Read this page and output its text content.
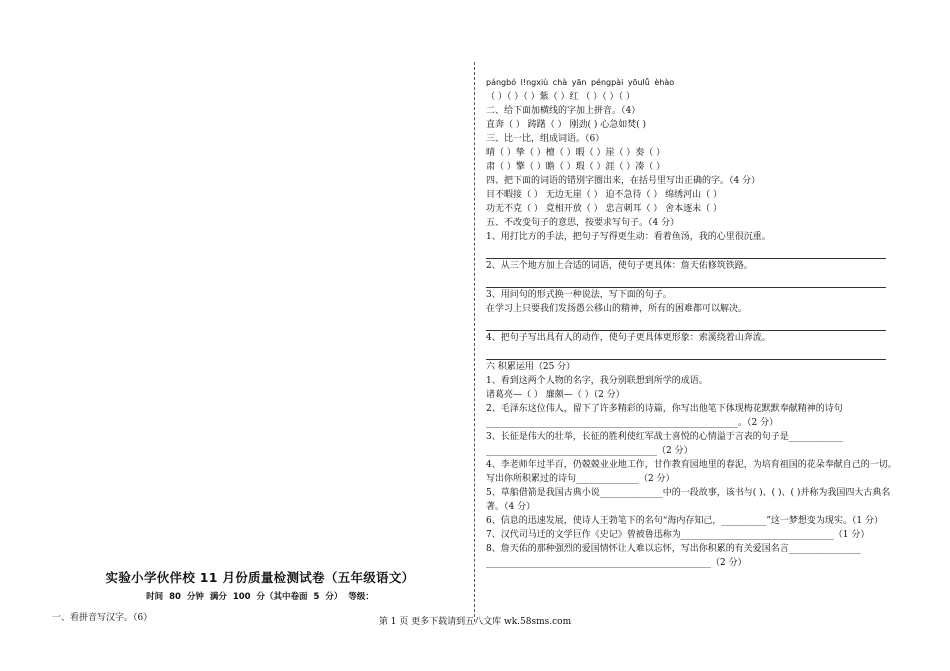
pángbó l!ngxiù chà yān péngpài yōulǚ èhào
（ ）（ ）（ ）紫（ ）红 （ ）（ ）（ ）
二、给下面加横线的字加上拼音。（4）
直奔（ ） 踌躇（ ） 刚劲( ) 心急如焚( )
三、比一比，组成词语。（6）
晴（ ）挚（ ）檀（ ）暇（ ）崖（ ）奏（ ）
肃（ ）擎（ ）瞻（ ）瑕（ ）涯（ ）凑（ ）
四、把下面的词语的错别字圈出来，在括号里写出正确的字。（4 分）
目不暇接（ ） 无边无崖（ ） 迫不急待（ ） 绵绣河山（ ）
功无不克（ ） 竟相开放（ ） 忠言刺耳（ ） 舍本逐未（ ）
五、不改变句子的意思，按要求写句子。（4 分）
1、用打比方的手法，把句子写得更生动：看着鱼汤，我的心里很沉重。
2、从三个地方加上合适的词语，使句子更具体：詹天佑修筑铁路。
3、用问句的形式换一种说法，写下面的句子。
在学习上只要我们发扬愚公移山的精神，所有的困难都可以解决。
4、把句子写出具有人的动作，使句子更具体更形象：索溪绕着山奔流。
六 积累运用（25 分）
1、看到这两个人物的名字，我分别联想到所学的成语。
诸葛亮—（ ） 廉颇—（ ）（2 分）
2、毛泽东这位伟人，留下了许多精彩的诗篇，你写出他笔下体现梅花默默奉献精神的诗句
________________________________________________________。（2 分）
3、长征是伟大的壮举，长征的胜利使红军战士喜悦的心情溢于言表的句子是____________
______________________________________（2 分）
4、李老师年过半百，仍兢兢业业地工作，甘作教育园地里的春泥，为培育祖国的花朵奉献自己的一切。写出你所积累过的诗句______________（2 分）
5、草船借箭是我国古典小说______________中的一段故事，该书与( )、( )、( )并称为我国四大古典名著。（4 分）
6、信息的迅速发展，使诗人王勃笔下的名句“海内存知己，__________”这一梦想变为现实。（1 分）
7、汉代司马迁的文学巨作《史记》曾被鲁迅称为__________________________________（1 分）
8、詹天佑的那种强烈的爱国情怀让人难以忘怀，写出你积累的有关爱国名言________________
__________________________________________________（2 分）
实验小学伙伴校 11 月份质量检测试卷（五年级语文）
时间 80 分钟 满分 100 分（其中卷面 5 分） 等级：
一、看拼音写汉字。（6）	第 1 页 更多下载请到五八文库 wk.58sms.com
